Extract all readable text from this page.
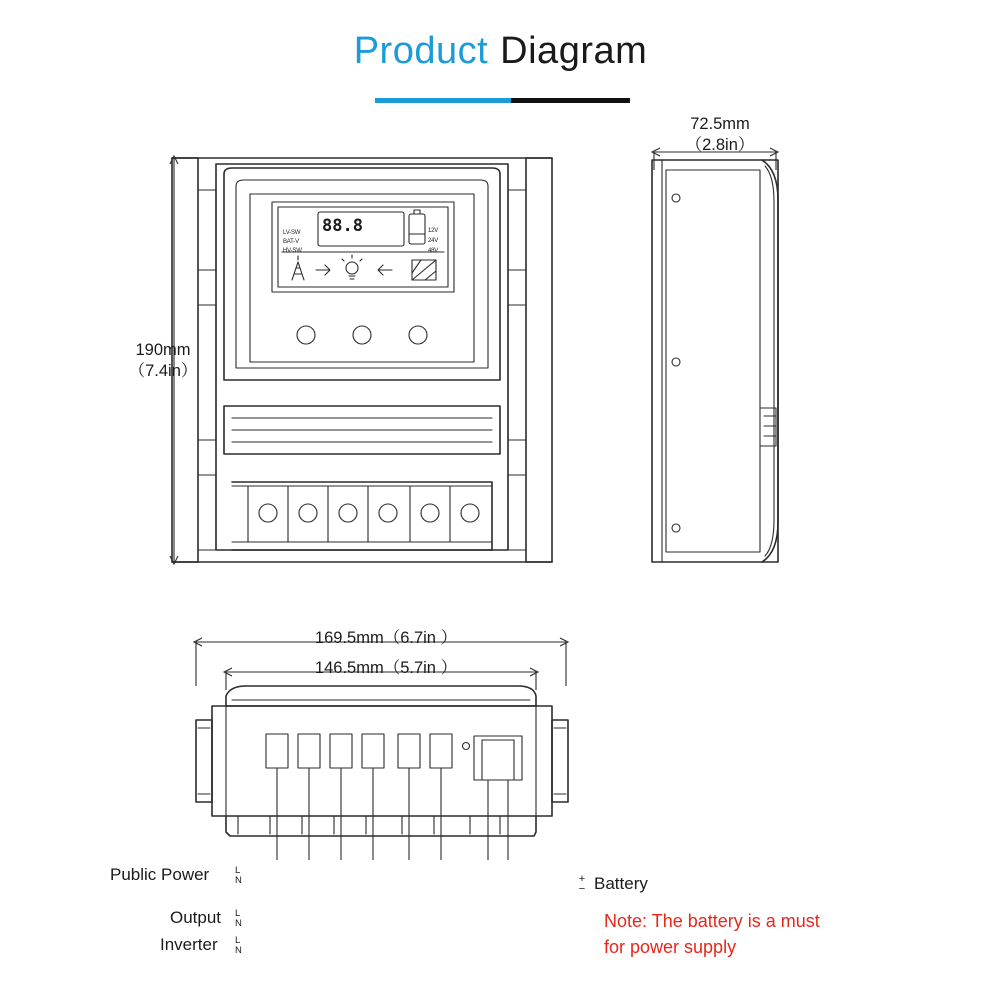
Product Diagram
LV-SW
BAT-V
HV-SW
88.8	12V
24V
48V
190mm
（7.4in）
72.5mm
（2.8in）
169.5mm（6.7in ）
146.5mm（5.7in ）
Public Power	L
N
Output L
N
Inverter L
N
+
− Battery
Note: The battery is a must
for power supply
